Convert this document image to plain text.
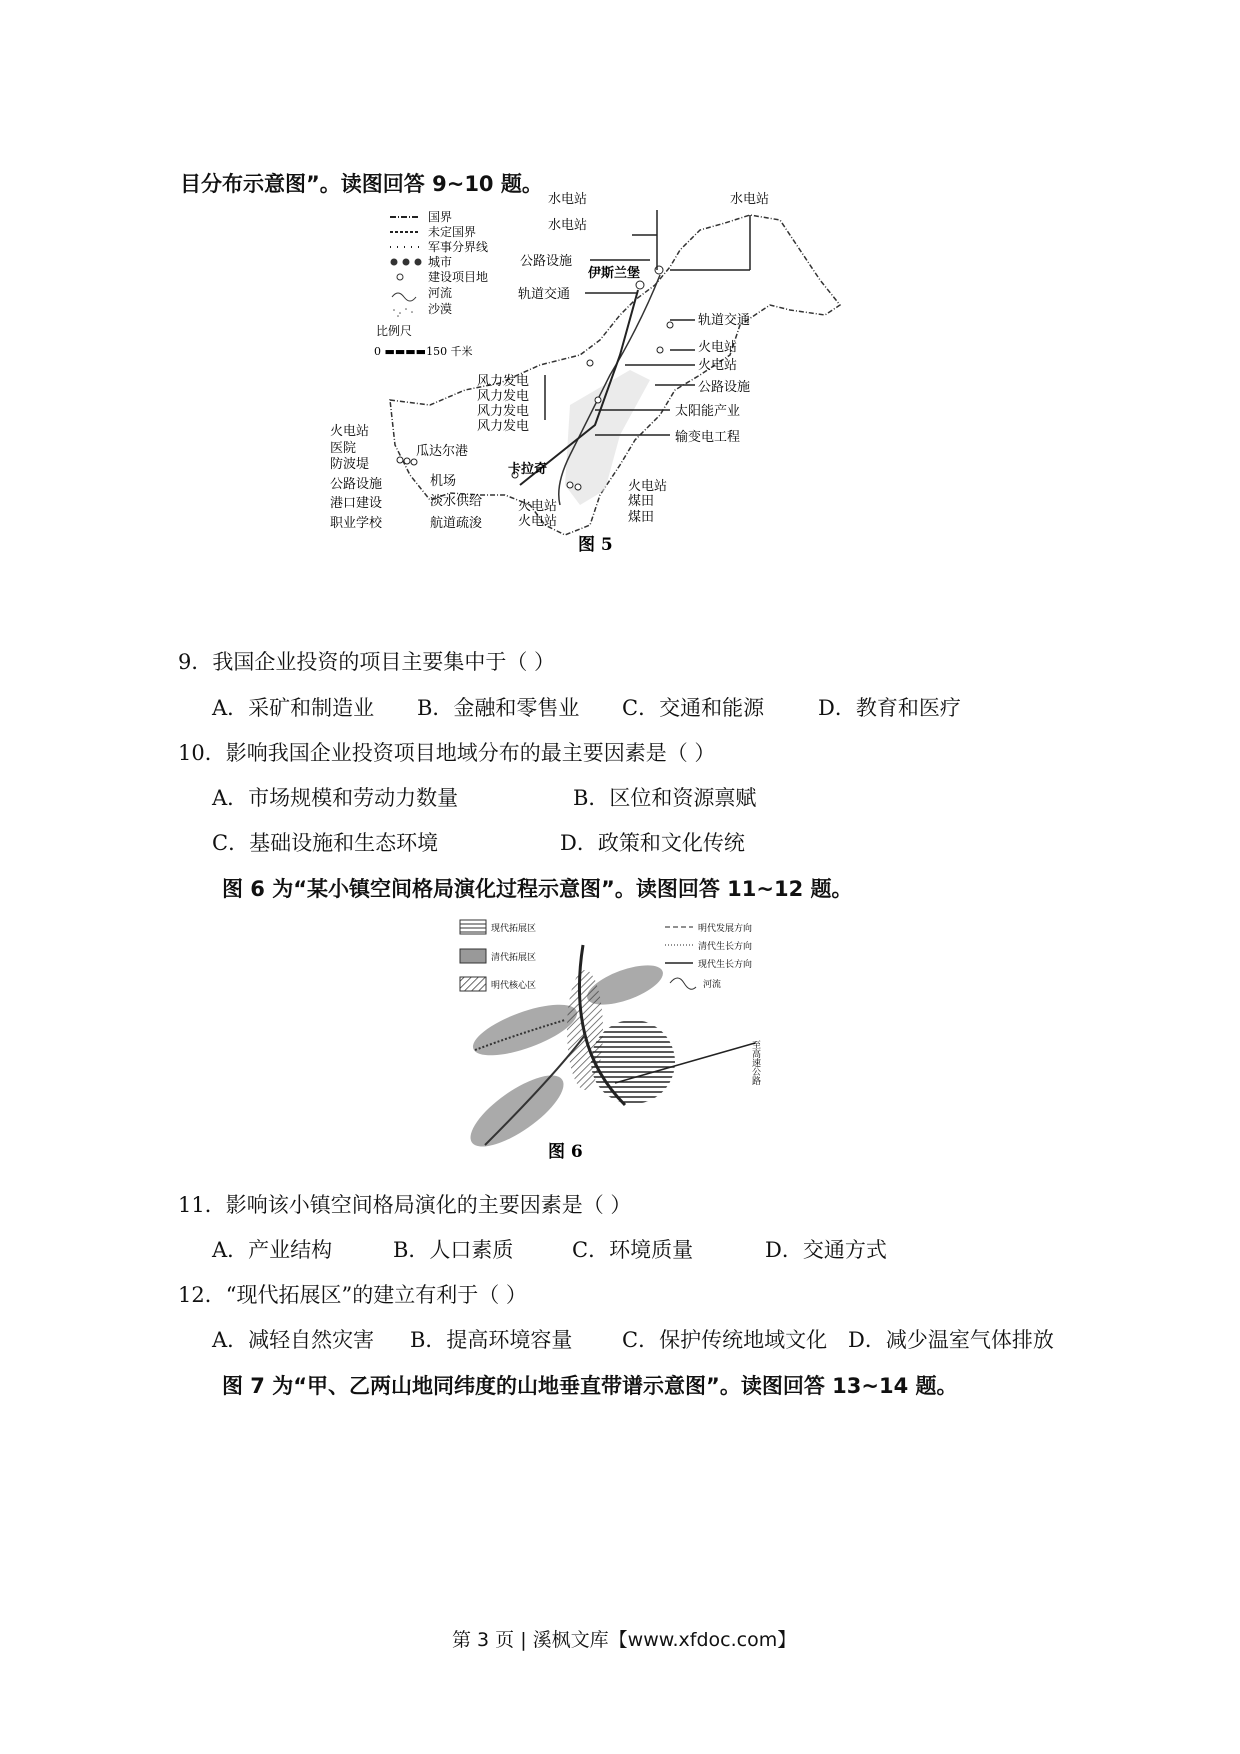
目分布示意图”。读图回答 9~10 题。
国界
未定国界
军事分界线
城市
建设项目地
河流
沙漠
比例尺
0 ▬▬▬▬150 千米
水电站	水电站
水电站
公路设施
伊斯兰堡
轨道交通
轨道交通
火电站
火电站
公路设施
太阳能产业
输变电工程
风力发电
风力发电
风力发电
风力发电
火电站
医院
防波堤
公路设施
港口建设
职业学校
瓜达尔港
机场
淡水供给
航道疏浚
卡拉奇
火电站
火电站
火电站
煤田
煤田
图 5
9．我国企业投资的项目主要集中于（ ）
A．采矿和制造业 B．金融和零售业 C．交通和能源	D．教育和医疗
10．影响我国企业投资项目地域分布的最主要因素是（ ）
A．市场规模和劳动力数量	B．区位和资源禀赋
C．基础设施和生态环境	D．政策和文化传统
图 6 为“某小镇空间格局演化过程示意图”。读图回答 11~12 题。
现代拓展区
清代拓展区
明代核心区
明代发展方向
清代生长方向
现代生长方向
河流
至高速公路
图 6
11．影响该小镇空间格局演化的主要因素是（ ）
A．产业结构	B．人口素质	C．环境质量	D．交通方式
12．“现代拓展区”的建立有利于（ ）
A．减轻自然灾害 B．提高环境容量 C．保护传统地域文化 D．减少温室气体排放
图 7 为“甲、乙两山地同纬度的山地垂直带谱示意图”。读图回答 13~14 题。
第 3 页 | 溪枫文库【www.xfdoc.com】
